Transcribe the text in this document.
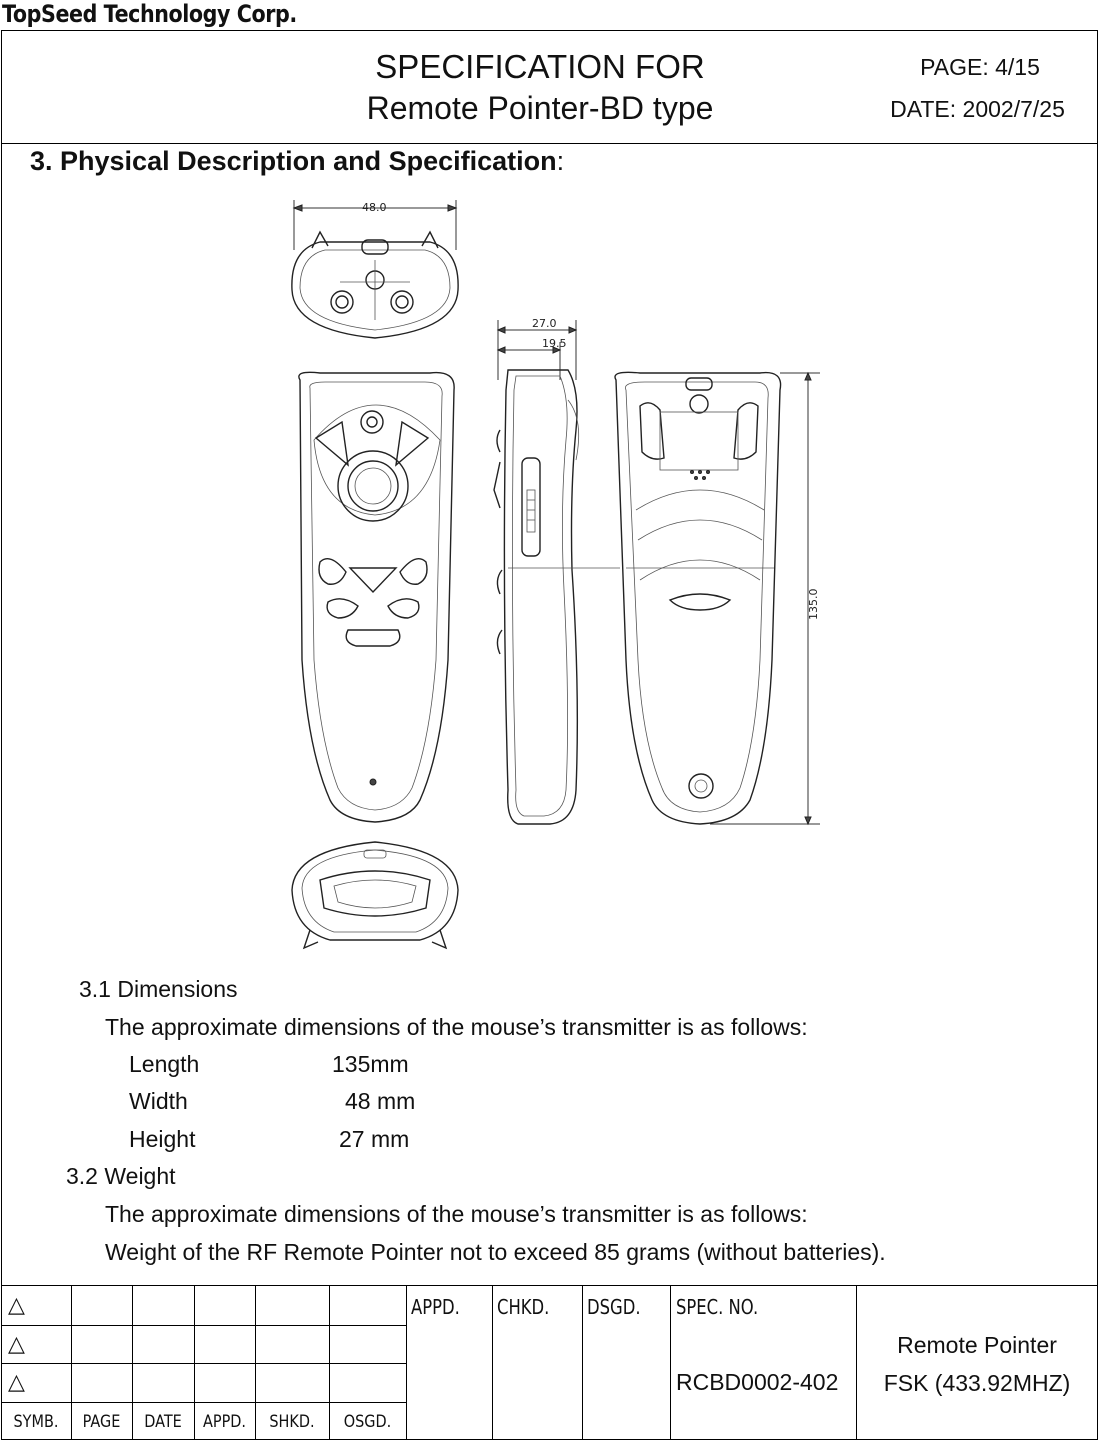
TopSeed Technology Corp.
SPECIFICATION FOR
Remote Pointer-BD type
PAGE: 4/15
DATE: 2002/7/25
3. Physical Description and Specification:
48.0
27.0
19.5
135.0
3.1 Dimensions
The approximate dimensions of the mouse’s transmitter is as follows:
Length	135mm
Width	48 mm
Height	27 mm
3.2 Weight
The approximate dimensions of the mouse’s transmitter is as follows:
Weight of the RF Remote Pointer not to exceed 85 grams (without batteries).
△
△
△
SYMB.	PAGE	DATE	APPD.	SHKD.	OSGD.
APPD. CHKD. DSGD. SPEC. NO.
RCBD0002-402
Remote Pointer
FSK (433.92MHZ)
